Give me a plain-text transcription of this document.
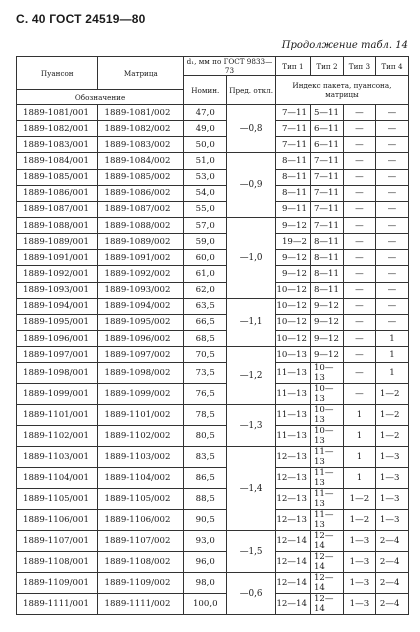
С. 40 ГОСТ 24519—80
Продолжение табл. 14
Пуансон	Матрица	d₁, мм по ГОСТ 9833—73		Тип 1	Тип 2	Тип 3	Тип 4
		Номин.	Пред. откл.	Индекс пакета, пуансона, матрицы			
Обозначение							
1889-1081/001	1889-1081/002	47,0	—0,8	7—11	5—11	—	—
1889-1082/001	1889-1082/002	49,0		7—11	6—11	—	—
1889-1083/001	1889-1083/002	50,0		7—11	6—11	—	—
1889-1084/001	1889-1084/002	51,0	—0,9	8—11	7—11	—	—
1889-1085/001	1889-1085/002	53,0		8—11	7—11	—	—
1889-1086/001	1889-1086/002	54,0		8—11	7—11	—	—
1889-1087/001	1889-1087/002	55,0		9—11	7—11	—	—
1889-1088/001	1889-1088/002	57,0	—1,0	9—12	7—11	—	—
1889-1089/001	1889-1089/002	59,0		19—2	8—11	—	—
1889-1091/001	1889-1091/002	60,0		9—12	8—11	—	—
1889-1092/001	1889-1092/002	61,0		9—12	8—11	—	—
1889-1093/001	1889-1093/002	62,0		10—12	8—11	—	—
1889-1094/001	1889-1094/002	63,5	—1,1	10—12	9—12	—	—
1889-1095/001	1889-1095/002	66,5		10—12	9—12	—	—
1889-1096/001	1889-1096/002	68,5		10—12	9—12	—	1
1889-1097/001	1889-1097/002	70,5	—1,2	10—13	9—12	—	1
1889-1098/001	1889-1098/002	73,5		11—13	10—13	—	1
1889-1099/001	1889-1099/002	76,5		11—13	10—13	—	1—2
1889-1101/001	1889-1101/002	78,5	—1,3	11—13	10—13	1	1—2
1889-1102/001	1889-1102/002	80,5		11—13	10—13	1	1—2
1889-1103/001	1889-1103/002	83,5	—1,4	12—13	11—13	1	1—3
1889-1104/001	1889-1104/002	86,5		12—13	11—13	1	1—3
1889-1105/001	1889-1105/002	88,5		12—13	11—13	1—2	1—3
1889-1106/001	1889-1106/002	90,5		12—13	11—13	1—2	1—3
1889-1107/001	1889-1107/002	93,0	—1,5	12—14	12—14	1—3	2—4
1889-1108/001	1889-1108/002	96,0		12—14	12—14	1—3	2—4
1889-1109/001	1889-1109/002	98,0	—0,6	12—14	12—14	1—3	2—4
1889-1111/001	1889-1111/002	100,0		12—14	12—14	1—3	2—4
